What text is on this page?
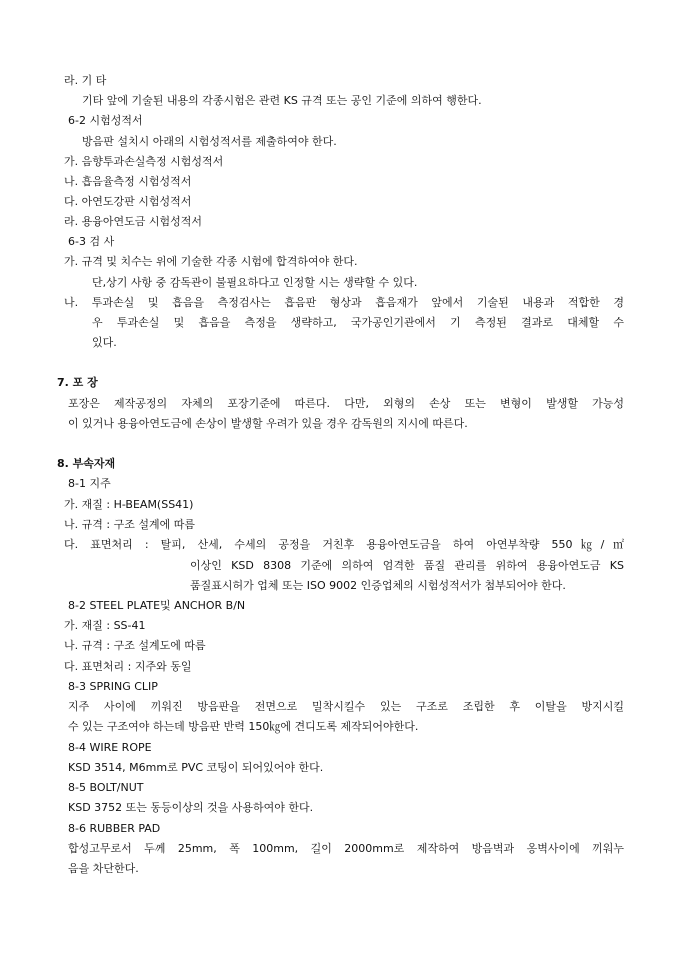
라. 기 타

기타 앞에 기술된 내용의 각종시험은 관련 KS 규격 또는 공인 기준에 의하여 행한다.

6-2 시험성적서

방음판 설치시 아래의 시험성적서를 제출하여야 한다.

가. 음향투과손실측정 시험성적서

나. 흡음율측정 시험성적서

다. 아연도강판 시험성적서

라. 용융아연도금 시험성적서

6-3 검 사

가. 규격 및 치수는 위에 기술한 각종 시험에 합격하여야 한다.

단,상기 사항 중 감독관이 불필요하다고 인정할 시는 생략할 수 있다.

나. 투과손실 및 흡음을 측정검사는 흡음판 형상과 흡음재가 앞에서 기술된 내용과 적합한 경

우 투과손실 및 흡음을 측정을 생략하고, 국가공인기관에서 기 측정된 결과로 대체할 수

있다.

7. 포 장

포장은 제작공정의 자체의 포장기준에 따른다. 다만, 외형의 손상 또는 변형이 발생할 가능성

이 있거나 용융아연도금에 손상이 발생할 우려가 있을 경우 감독원의 지시에 따른다.

8. 부속자재

8-1 지주

가. 재질 : H-BEAM(SS41)

나. 규격 : 구조 설계에 따름

다. 표면처리 : 탈피, 산세, 수세의 공정을 거친후 용융아연도금을 하여 아연부착량 550㎏/㎡

이상인 KSD 8308 기준에 의하여 엄격한 품질 관리를 위하여 용융아연도금 KS

품질표시허가 업체 또는 ISO 9002 인증업체의 시험성적서가 첨부되어야 한다.

8-2 STEEL PLATE및 ANCHOR B/N

가. 재질 : SS-41

나. 규격 : 구조 설계도에 따름

다. 표면처리 : 지주와 동일

8-3 SPRING CLIP

지주 사이에 끼워진 방음판을 전면으로 밀착시킬수 있는 구조로 조립한 후 이탈을 방지시킬

수 있는 구조여야 하는데 방음판 반력 150㎏에 견디도록 제작되어야한다.

8-4 WIRE ROPE

KSD 3514, M6mm로 PVC 코팅이 되어있어야 한다.

8-5 BOLT/NUT

KSD 3752 또는 동등이상의 것을 사용하여야 한다.

8-6 RUBBER PAD

합성고무로서 두께 25mm, 폭 100mm, 길이 2000mm로 제작하여 방음벽과 옹벽사이에 끼워누

음을 차단한다.
